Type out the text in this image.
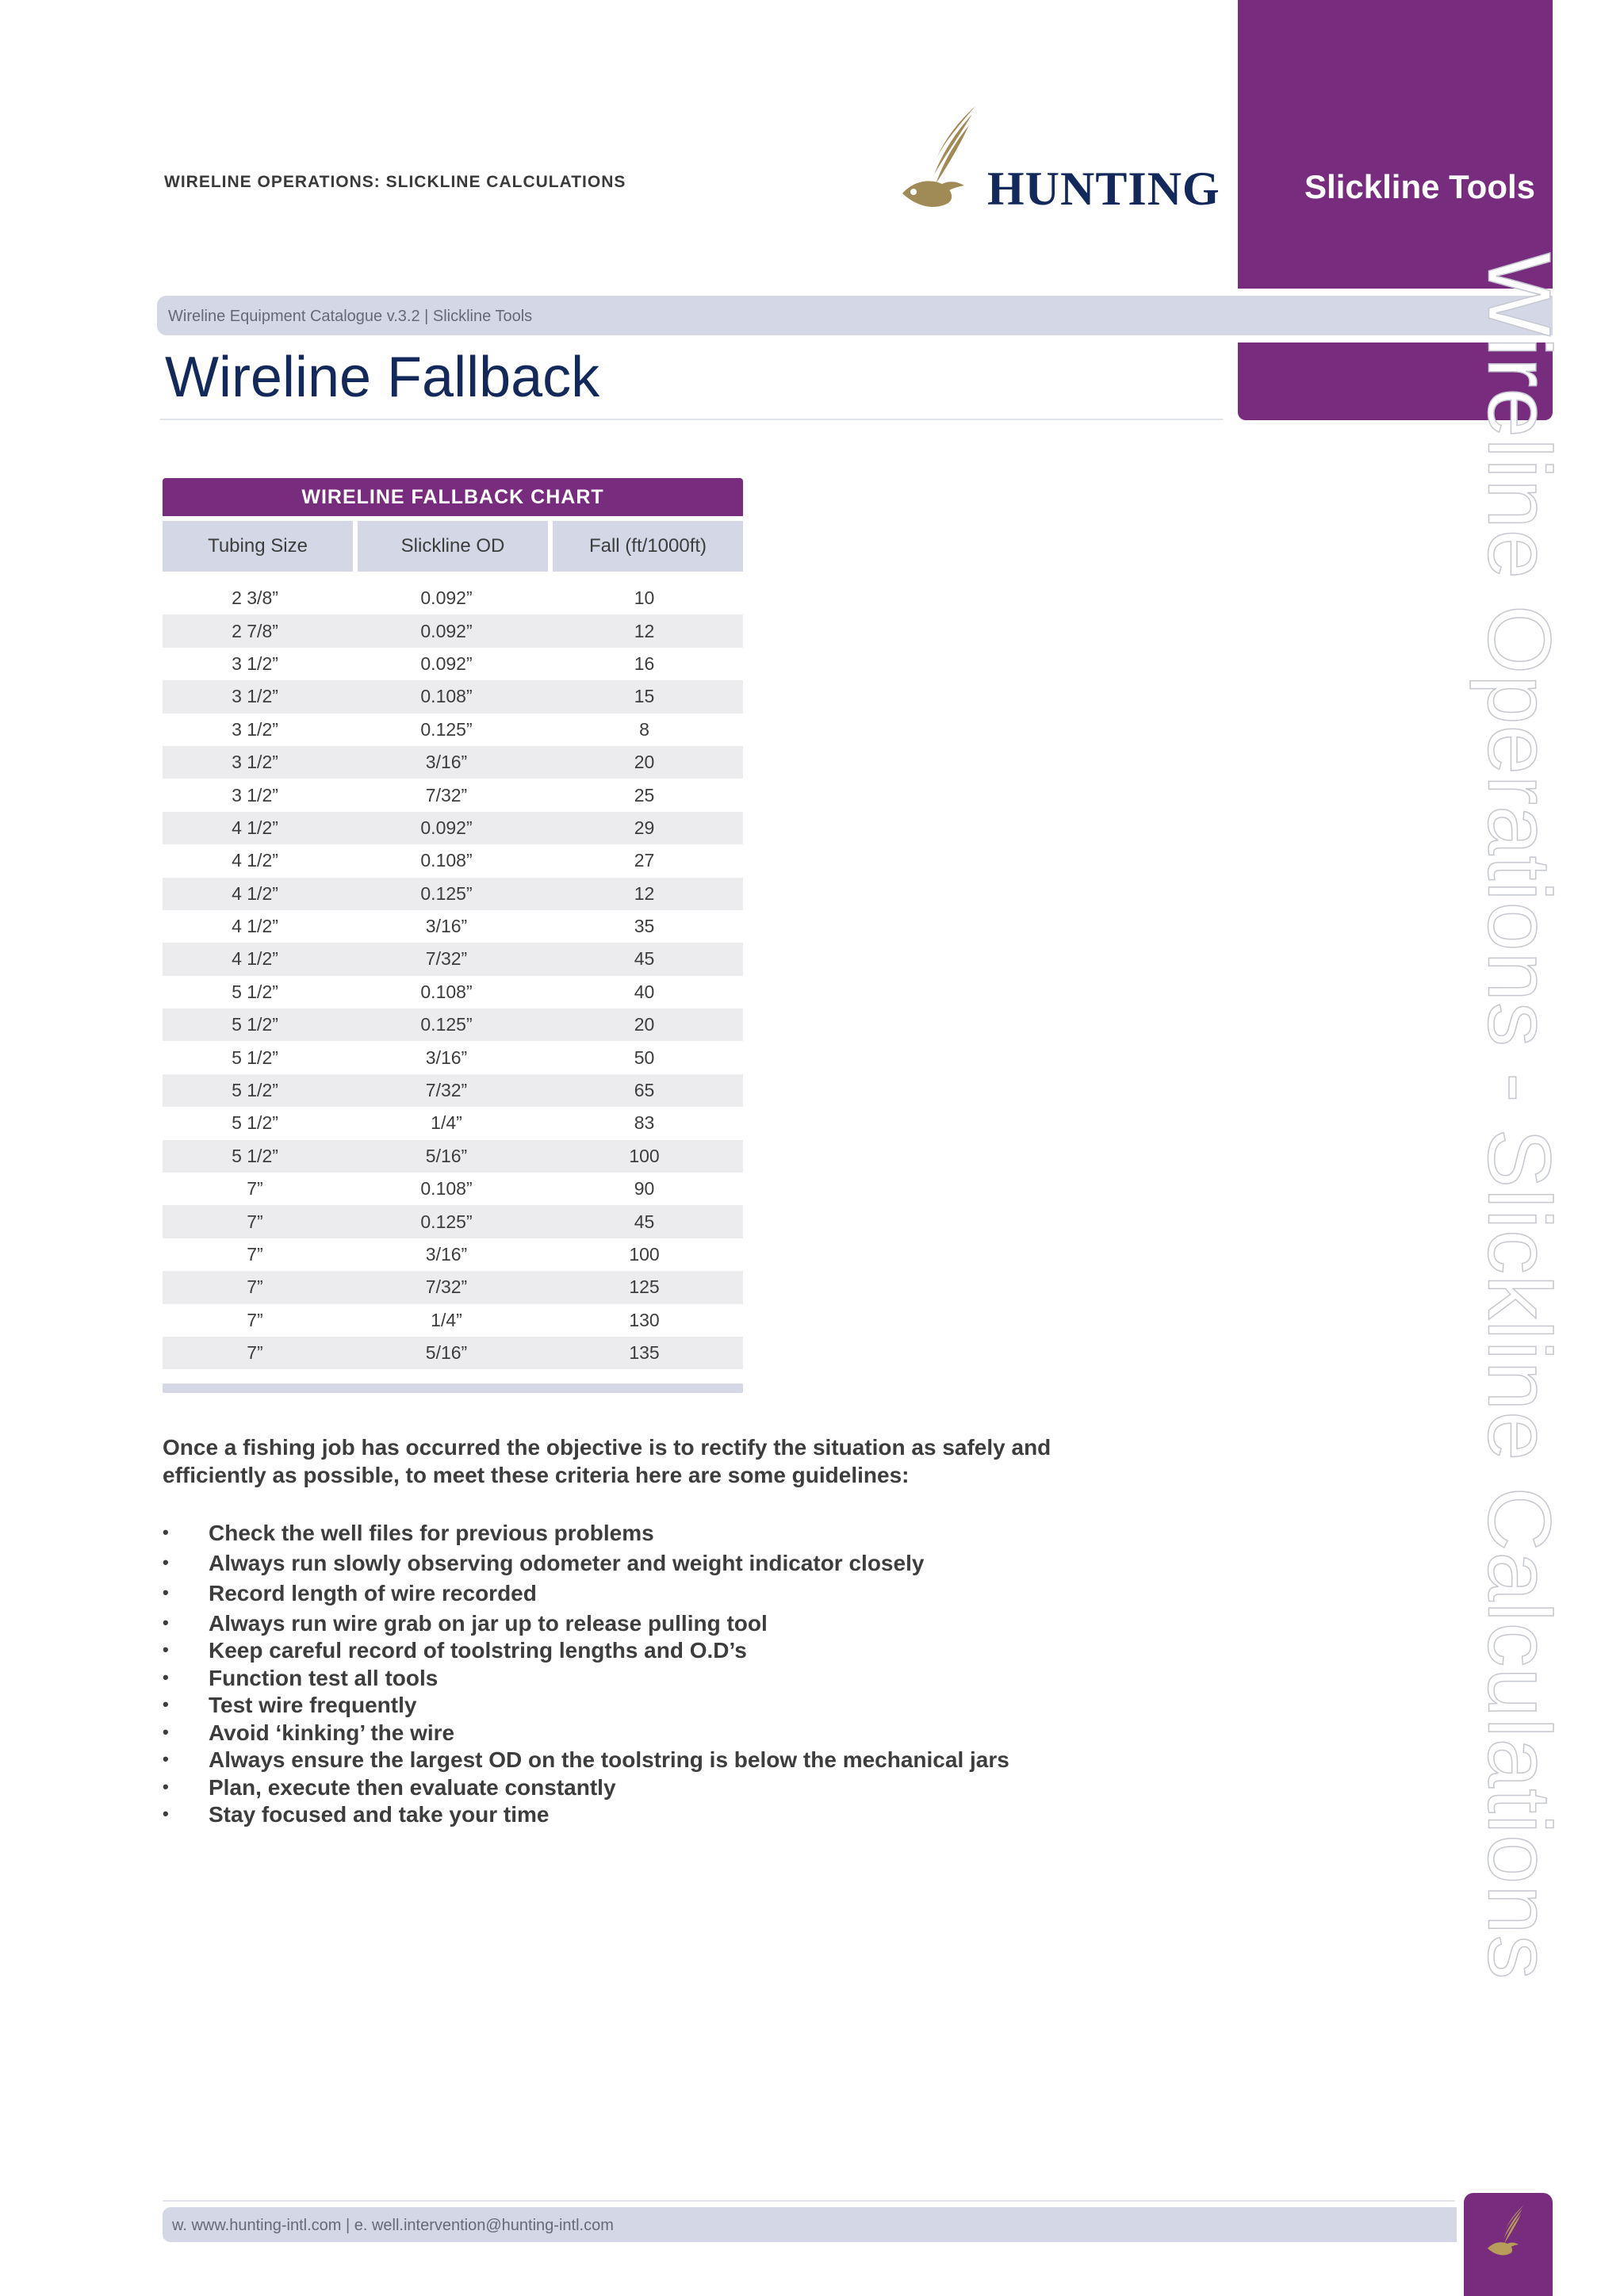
WIRELINE OPERATIONS: SLICKLINE CALCULATIONS	HUNTING	Slickline Tools
Wireline Equipment Catalogue v.3.2 | Slickline Tools
Wireline Fallback	Wireline Operations - Slickline Calculations
WIRELINE FALLBACK CHART
Tubing Size	Slickline OD	Fall (ft/1000ft)
2 3/8”	0.092”	10
2 7/8”	0.092”	12
3 1/2”	0.092”	16
3 1/2”	0.108”	15
3 1/2”	0.125”	8
3 1/2”	3/16”	20
3 1/2”	7/32”	25
4 1/2”	0.092”	29
4 1/2”	0.108”	27
4 1/2”	0.125”	12
4 1/2”	3/16”	35
4 1/2”	7/32”	45
5 1/2”	0.108”	40
5 1/2”	0.125”	20
5 1/2”	3/16”	50
5 1/2”	7/32”	65
5 1/2”	1/4”	83
5 1/2”	5/16”	100
7”	0.108”	90
7”	0.125”	45
7”	3/16”	100
7”	7/32”	125
7”	1/4”	130
7”	5/16”	135
Once a fishing job has occurred the objective is to rectify the situation as safely and efficiently as possible, to meet these criteria here are some guidelines:
• Check the well files for previous problems
• Always run slowly observing odometer and weight indicator closely
• Record length of wire recorded
• Always run wire grab on jar up to release pulling tool
• Keep careful record of toolstring lengths and O.D’s
• Function test all tools
• Test wire frequently
• Avoid ‘kinking’ the wire
• Always ensure the largest OD on the toolstring is below the mechanical jars
• Plan, execute then evaluate constantly
• Stay focused and take your time
w. www.hunting-intl.com | e. well.intervention@hunting-intl.com
